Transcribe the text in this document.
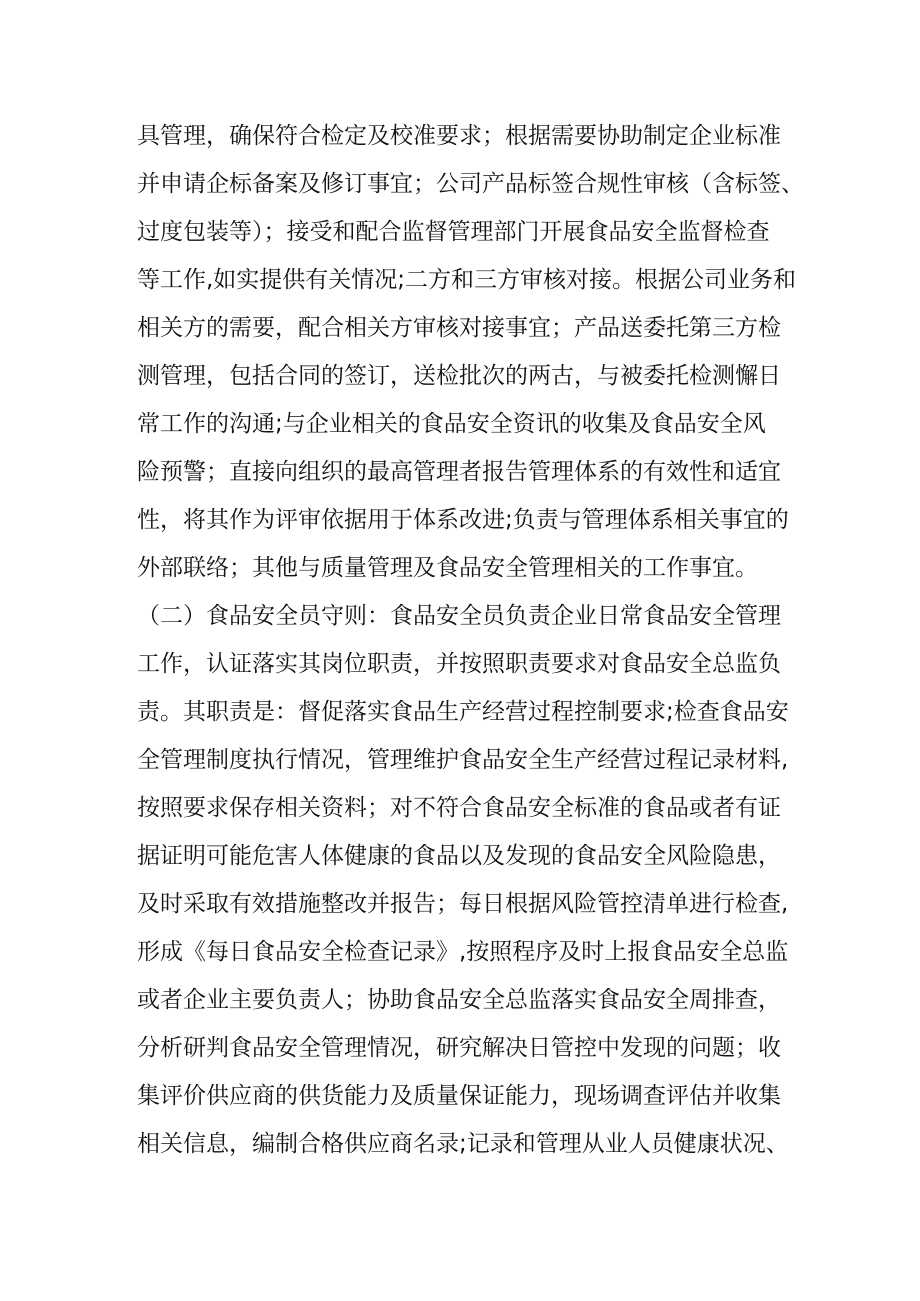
具管理，确保符合检定及校准要求；根据需要协助制定企业标准
并申请企标备案及修订事宜；公司产品标签合规性审核（含标签、
过度包装等）；接受和配合监督管理部门开展食品安全监督检查
等工作,如实提供有关情况;二方和三方审核对接。根据公司业务和
相关方的需要，配合相关方审核对接事宜；产品送委托第三方检
测管理，包括合同的签订，送检批次的两古，与被委托检测懈日
常工作的沟通;与企业相关的食品安全资讯的收集及食品安全风
险预警；直接向组织的最高管理者报告管理体系的有效性和适宜
性，将其作为评审依据用于体系改进;负责与管理体系相关事宜的
外部联络；其他与质量管理及食品安全管理相关的工作事宜。
（二）食品安全员守则：食品安全员负责企业日常食品安全管理
工作，认证落实其岗位职责，并按照职责要求对食品安全总监负
责。其职责是：督促落实食品生产经营过程控制要求;检查食品安
全管理制度执行情况，管理维护食品安全生产经营过程记录材料,
按照要求保存相关资料；对不符合食品安全标准的食品或者有证
据证明可能危害人体健康的食品以及发现的食品安全风险隐患，
及时采取有效措施整改并报告；每日根据风险管控清单进行检查,
形成《每日食品安全检查记录》,按照程序及时上报食品安全总监
或者企业主要负责人；协助食品安全总监落实食品安全周排查，
分析研判食品安全管理情况，研究解决日管控中发现的问题；收
集评价供应商的供货能力及质量保证能力，现场调查评估并收集
相关信息，编制合格供应商名录;记录和管理从业人员健康状况、
